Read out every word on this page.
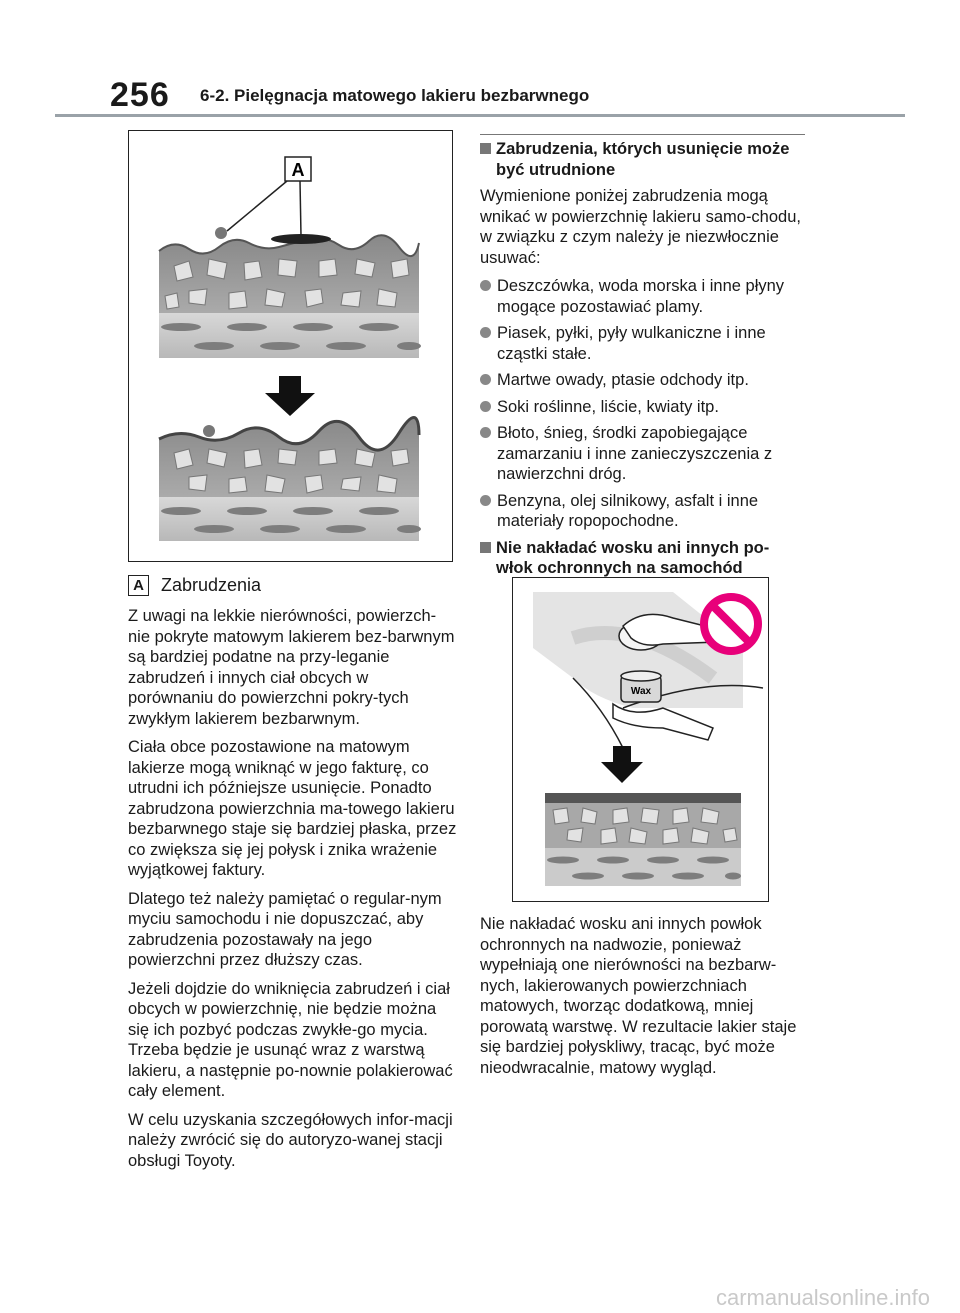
256 6-2. Pielęgnacja matowego lakieru bezbarwnego
A
A Zabrudzenia

Z uwagi na lekkie nierówności, powierzch-nie pokryte matowym lakierem bez-barwnym są bardziej podatne na przy-leganie zabrudzeń i innych ciał obcych w porównaniu do powierzchni pokry-tych zwykłym lakierem bezbarwnym.

Ciała obce pozostawione na matowym lakierze mogą wniknąć w jego fakturę, co utrudni ich późniejsze usunięcie. Ponadto zabrudzona powierzchnia ma-towego lakieru bezbarwnego staje się bardziej płaska, przez co zwiększa się jej połysk i znika wrażenie wyjątkowej faktury.

Dlatego też należy pamiętać o regular-nym myciu samochodu i nie dopuszczać, aby zabrudzenia pozostawały na jego powierzchni przez dłuższy czas.

Jeżeli dojdzie do wniknięcia zabrudzeń i ciał obcych w powierzchnię, nie będzie można się ich pozbyć podczas zwykłe-go mycia. Trzeba będzie je usunąć wraz z warstwą lakieru, a następnie po-nownie polakierować cały element.

W celu uzyskania szczegółowych infor-macji należy zwrócić się do autoryzo-wanej stacji obsługi Toyoty.

Zabrudzenia, których usunięcie może być utrudnione

Wymienione poniżej zabrudzenia mogą wnikać w powierzchnię lakieru samo-chodu, w związku z czym należy je niezwłocznie usuwać:

Deszczówka, woda morska i inne płyny mogące pozostawiać plamy.
Piasek, pyłki, pyły wulkaniczne i inne cząstki stałe.
Martwe owady, ptasie odchody itp.
Soki roślinne, liście, kwiaty itp.
Błoto, śnieg, środki zapobiegające zamarzaniu i inne zanieczyszczenia z nawierzchni dróg.
Benzyna, olej silnikowy, asfalt i inne materiały ropopochodne.
Nie nakładać wosku ani innych po-włok ochronnych na samochód
Wax

Nie nakładać wosku ani innych powłok ochronnych na nadwozie, ponieważ wypełniają one nierówności na bezbarw-nych, lakierowanych powierzchniach matowych, tworząc dodatkową, mniej porowatą warstwę. W rezultacie lakier staje się bardziej połyskliwy, tracąc, być może nieodwracalnie, matowy wygląd.

carmanualsonline.info
